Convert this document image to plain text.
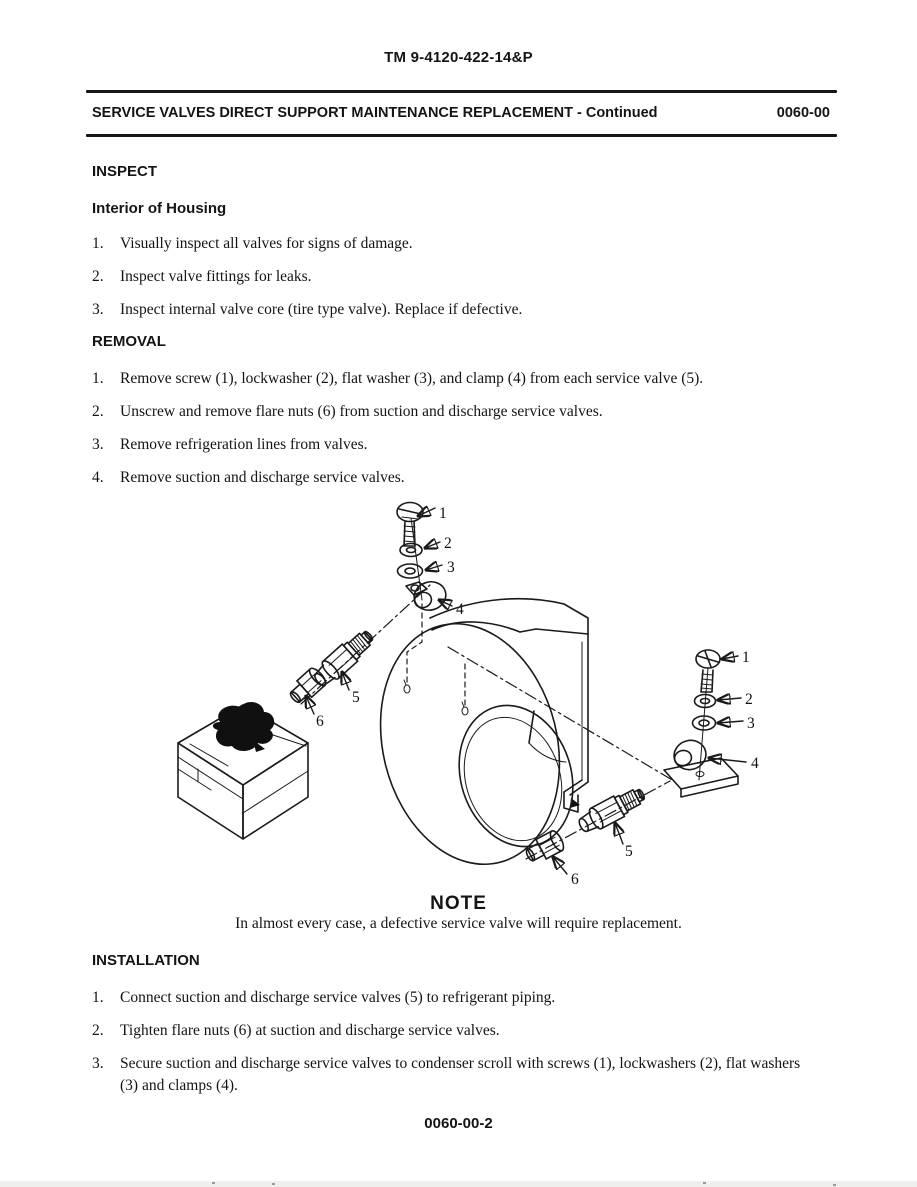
TM 9-4120-422-14&P
SERVICE VALVES DIRECT SUPPORT MAINTENANCE REPLACEMENT - Continued	0060-00
INSPECT
Interior of Housing
1.	Visually inspect all valves for signs of damage.
2.	Inspect valve fittings for leaks.
3.	Inspect internal valve core (tire type valve). Replace if defective.
REMOVAL
1.	Remove screw (1), lockwasher (2), flat washer (3), and clamp (4) from each service valve (5).
2.	Unscrew and remove flare nuts (6) from suction and discharge service valves.
3.	Remove refrigeration lines from valves.
4.	Remove suction and discharge service valves.
1
2
3
4
5
6
1
2
3
4
5
6
NOTE
In almost every case, a defective service valve will require replacement.
INSTALLATION
1.	Connect suction and discharge service valves (5) to refrigerant piping.
2.	Tighten flare nuts (6) at suction and discharge service valves.
3.	Secure suction and discharge service valves to condenser scroll with screws (1), lockwashers (2), flat washers (3) and clamps (4).
0060-00-2
